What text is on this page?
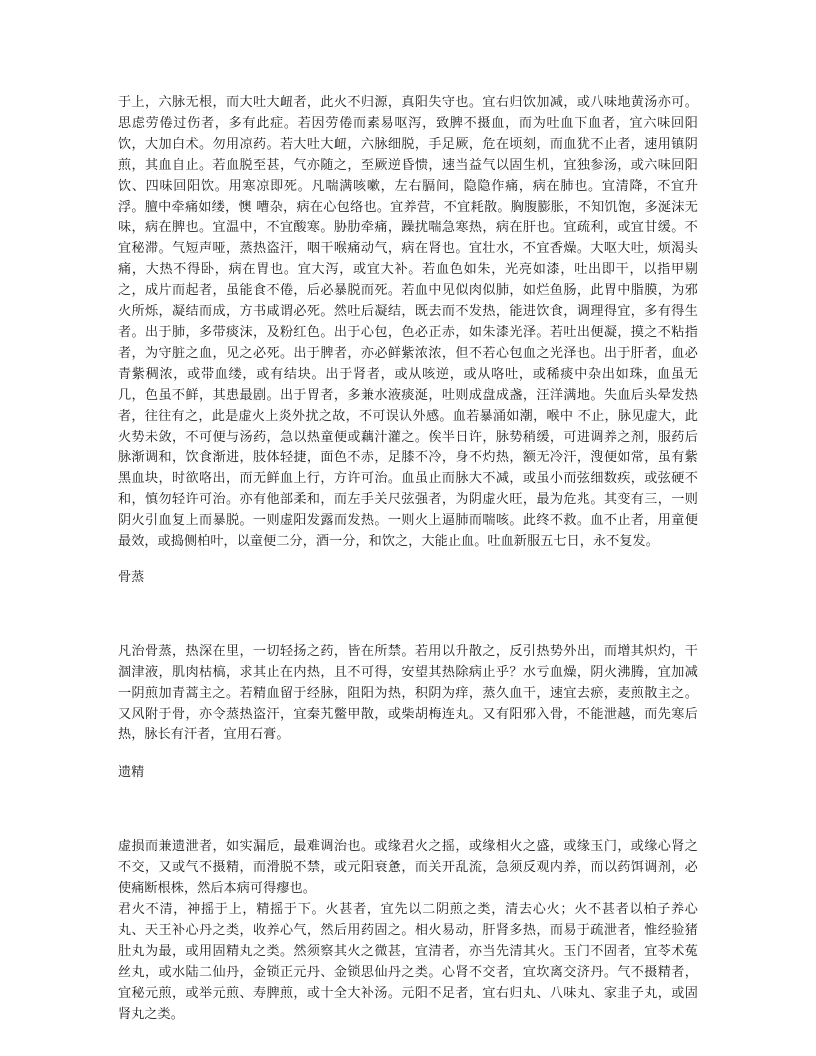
于上，六脉无根，而大吐大衄者，此火不归源，真阳失守也。宜右归饮加减，或八味地黄汤亦可。思虑劳倦过伤者，多有此症。若因劳倦而素易呕泻，致脾不摄血，而为吐血下血者，宜六味回阳饮，大加白术。勿用凉药。若大吐大衄，六脉细脱，手足厥，危在顷刻，而血犹不止者，速用镇阴煎，其血自止。若血脱至甚，气亦随之，至厥逆昏愦，速当益气以固生机，宜独参汤，或六味回阳饮、四味回阳饮。用寒凉即死。凡喘满咳嗽，左右膈间，隐隐作痛，病在肺也。宜清降，不宜升浮。膻中牵痛如缕，懊 嘈杂，病在心包络也。宜养营，不宜耗散。胸腹膨胀，不知饥饱，多涎沫无味，病在脾也。宜温中，不宜酸寒。胁肋牵痛，躁扰喘急寒热，病在肝也。宜疏利，或宜甘缓。不宜秘滞。气短声哑，蒸热盗汗，咽干喉痛动气，病在肾也。宜壮水，不宜香燥。大呕大吐，烦渴头痛，大热不得卧，病在胃也。宜大泻，或宜大补。若血色如朱，光亮如漆，吐出即干，以指甲剔之，成片而起者，虽能食不倦，后必暴脱而死。若血中见似肉似肺，如烂鱼肠，此胃中脂膜，为邪火所烁，凝结而成，方书咸谓必死。然吐后凝结，既去而不发热，能进饮食，调理得宜，多有得生者。出于肺，多带痰沫，及粉红色。出于心包，色必正赤，如朱漆光泽。若吐出便凝，摸之不粘指者，为守脏之血，见之必死。出于脾者，亦必鲜紫浓浓，但不若心包血之光泽也。出于肝者，血必青紫稠浓，或带血缕，或有结块。出于肾者，或从咳逆，或从咯吐，或稀痰中杂出如珠，血虽无几，色虽不鲜，其患最剧。出于胃者，多兼水液痰涎，吐则成盘成盏，汪洋满地。失血后头晕发热者，往往有之，此是虚火上炎外扰之故，不可误认外感。血若暴涌如潮，喉中 不止，脉见虚大，此火势未敛，不可便与汤药，急以热童便或藕汁灌之。俟半日许，脉势稍缓，可进调养之剂，服药后脉渐调和，饮食渐进，肢体轻捷，面色不赤，足膝不冷，身不灼热，额无冷汗，溲便如常，虽有紫黑血块，时欲咯出，而无鲜血上行，方许可治。血虽止而脉大不减，或虽小而弦细数疾，或弦硬不和，慎勿轻许可治。亦有他部柔和，而左手关尺弦强者，为阴虚火旺，最为危兆。其变有三，一则阴火引血复上而暴脱。一则虚阳发露而发热。一则火上逼肺而喘咳。此终不救。血不止者，用童便最效，或捣侧柏叶，以童便二分，酒一分，和饮之，大能止血。吐血新服五七日，永不复发。

骨蒸

凡治骨蒸，热深在里，一切轻扬之药，皆在所禁。若用以升散之，反引热势外出，而增其炽灼，干涸津液，肌肉枯槁，求其止在内热，且不可得，安望其热除病止乎？水亏血燥，阴火沸腾，宜加减一阴煎加青蒿主之。若精血留于经脉，阻阳为热，积阴为痒，蒸久血干，速宜去瘀，麦煎散主之。又风附于骨，亦令蒸热盗汗，宜秦艽鳖甲散，或柴胡梅连丸。又有阳邪入骨，不能泄越，而先寒后热，脉长有汗者，宜用石膏。

遗精

虚损而兼遗泄者，如实漏卮，最难调治也。或缘君火之摇，或缘相火之盛，或缘玉门，或缘心肾之不交，又或气不摄精，而滑脱不禁，或元阳衰惫，而关开乱流，急须反观内养，而以药饵调剂，必使痛断根株，然后本病可得瘳也。

君火不清，神摇于上，精摇于下。火甚者，宜先以二阴煎之类，清去心火；火不甚者以柏子养心丸、天王补心丹之类，收养心气，然后用药固之。相火易动，肝肾多热，而易于疏泄者，惟经验猪肚丸为最，或用固精丸之类。然须察其火之微甚，宜清者，亦当先清其火。玉门不固者，宜苓术菟丝丸，或水陆二仙丹，金锁正元丹、金锁思仙丹之类。心肾不交者，宜坎离交济丹。气不摄精者，宜秘元煎，或举元煎、寿脾煎，或十全大补汤。元阳不足者，宜右归丸、八味丸、家韭子丸，或固肾丸之类。
